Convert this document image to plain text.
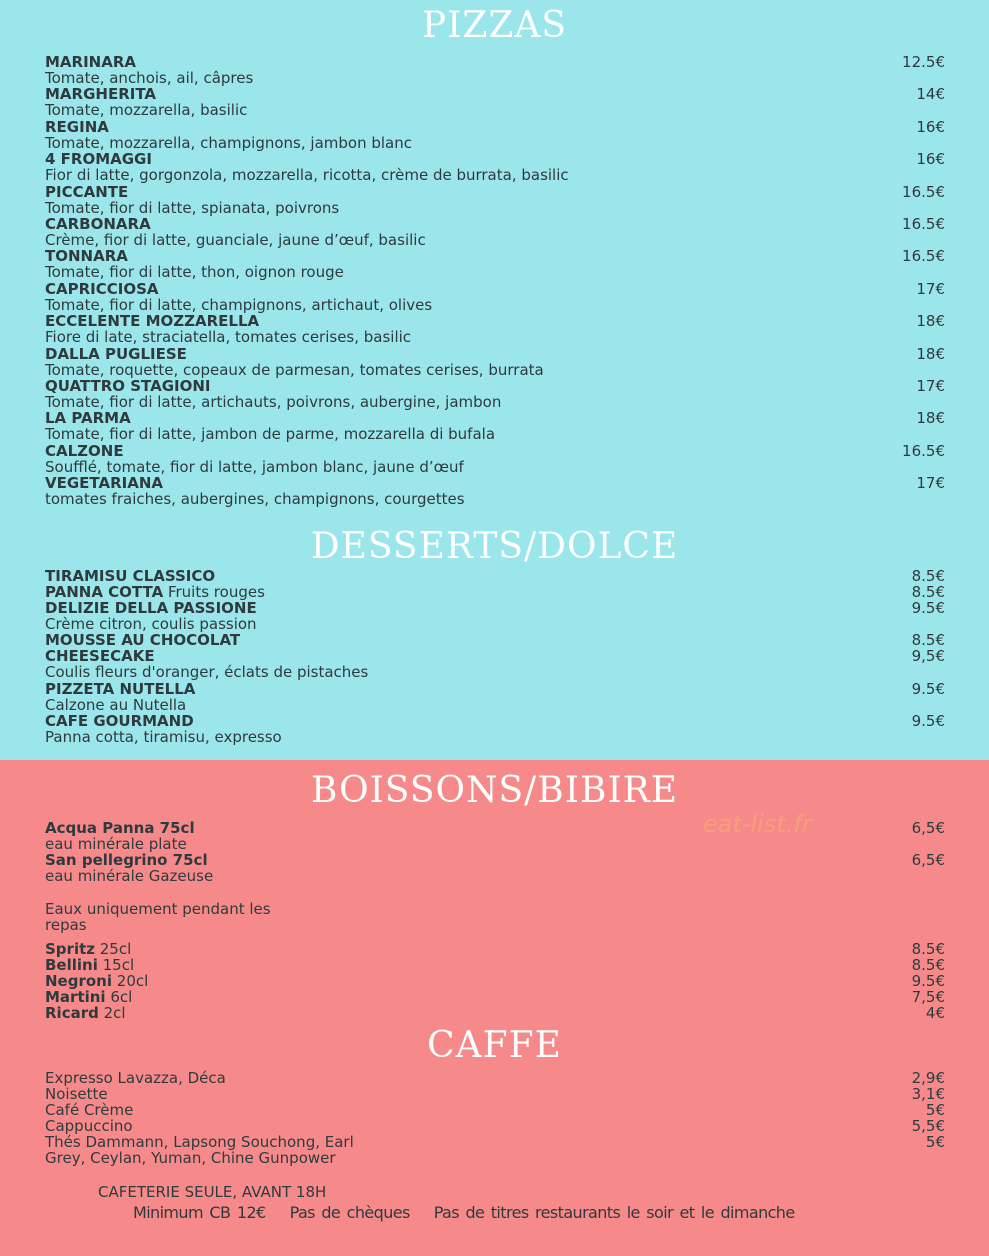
PIZZAS
MARINARA	12.5€

Tomate, anchois, ail, câpres
MARGHERITA	14€

Tomate, mozzarella, basilic
REGINA	16€

Tomate, mozzarella, champignons, jambon blanc
4 FROMAGGI	16€

Fior di latte, gorgonzola, mozzarella, ricotta, crème de burrata, basilic
PICCANTE	16.5€

Tomate, fior di latte, spianata, poivrons
CARBONARA	16.5€

Crème, fior di latte, guanciale, jaune d’œuf, basilic
TONNARA	16.5€

Tomate, fior di latte, thon, oignon rouge
CAPRICCIOSA	17€

Tomate, fior di latte, champignons, artichaut, olives
ECCELENTE MOZZARELLA	18€

Fiore di late, straciatella, tomates cerises, basilic
DALLA PUGLIESE	18€

Tomate, roquette, copeaux de parmesan, tomates cerises, burrata
QUATTRO STAGIONI	17€

Tomate, fior di latte, artichauts, poivrons, aubergine, jambon
LA PARMA	18€

Tomate, fior di latte, jambon de parme, mozzarella di bufala
CALZONE	16.5€

Soufflé, tomate, fior di latte, jambon blanc, jaune d’œuf
VEGETARIANA	17€

tomates fraiches, aubergines, champignons, courgettes
DESSERTS/DOLCE
TIRAMISU CLASSICO	8.5€
PANNA COTTA Fruits rouges	8.5€
DELIZIE DELLA PASSIONE	9.5€

Crème citron, coulis passion
MOUSSE AU CHOCOLAT	8.5€
CHEESECAKE	9,5€

Coulis fleurs d'oranger, éclats de pistaches
PIZZETA NUTELLA	9.5€

Calzone au Nutella
CAFE GOURMAND	9.5€

Panna cotta, tiramisu, expresso
BOISSONS/BIBIRE
eat-list.fr
Acqua Panna 75cl	6,5€

eau minérale plate
San pellegrino 75cl	6,5€

eau minérale Gazeuse
Eaux uniquement pendant les
repas
Spritz 25cl	8.5€
Bellini 15cl	8.5€
Negroni 20cl	9.5€
Martini 6cl	7,5€
Ricard 2cl	4€
CAFFE
Expresso Lavazza, Déca	2,9€
Noisette	3,1€
Café Crème	5€
Cappuccino	5,5€
Thés Dammann, Lapsong Souchong, Earl	5€
Grey, Ceylan, Yuman, Chine Gunpower
CAFETERIE SEULE, AVANT 18H
Minimum CB 12€ Pas de chèques Pas de titres restaurants le soir et le dimanche
